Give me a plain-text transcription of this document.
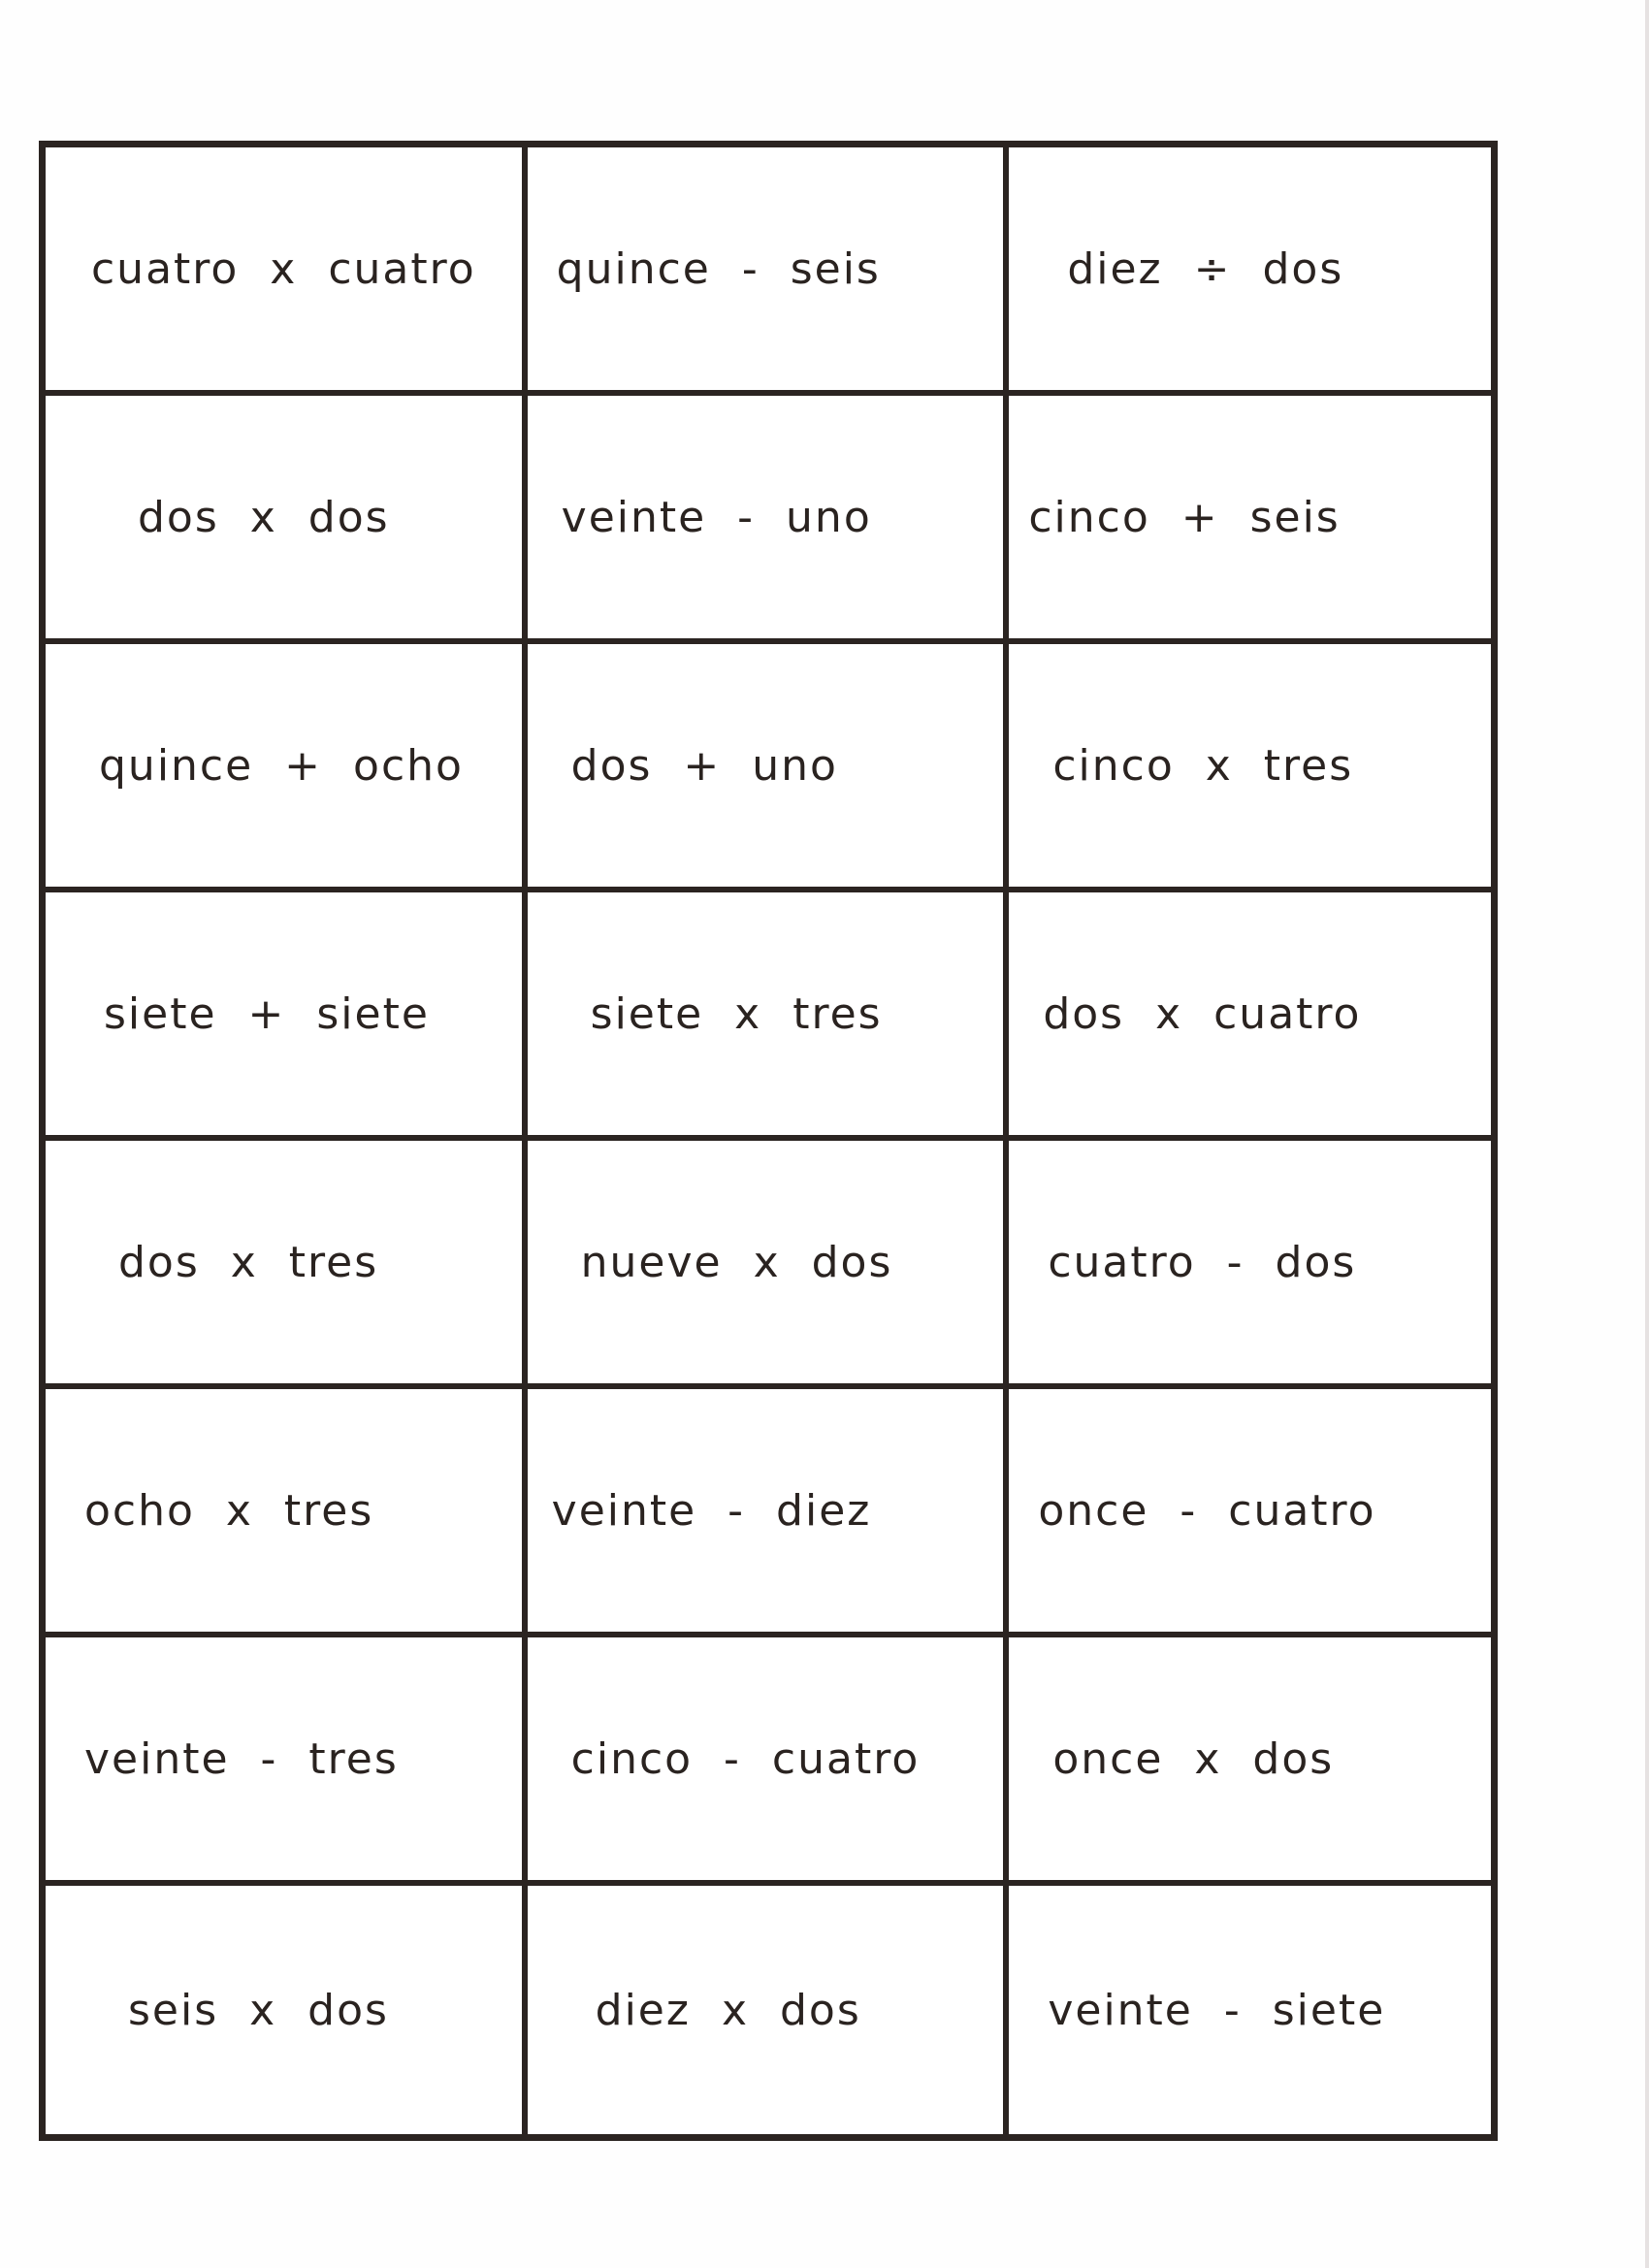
cuatro x cuatro	quince - seis	diez ÷ dos
dos x dos	veinte - uno	cinco + seis
quince + ocho	dos + uno	cinco x tres
siete + siete	siete x tres	dos x cuatro
dos x tres	nueve x dos	cuatro - dos
ocho x tres	veinte - diez	once - cuatro
veinte - tres	cinco - cuatro	once x dos
seis x dos	diez x dos	veinte - siete
